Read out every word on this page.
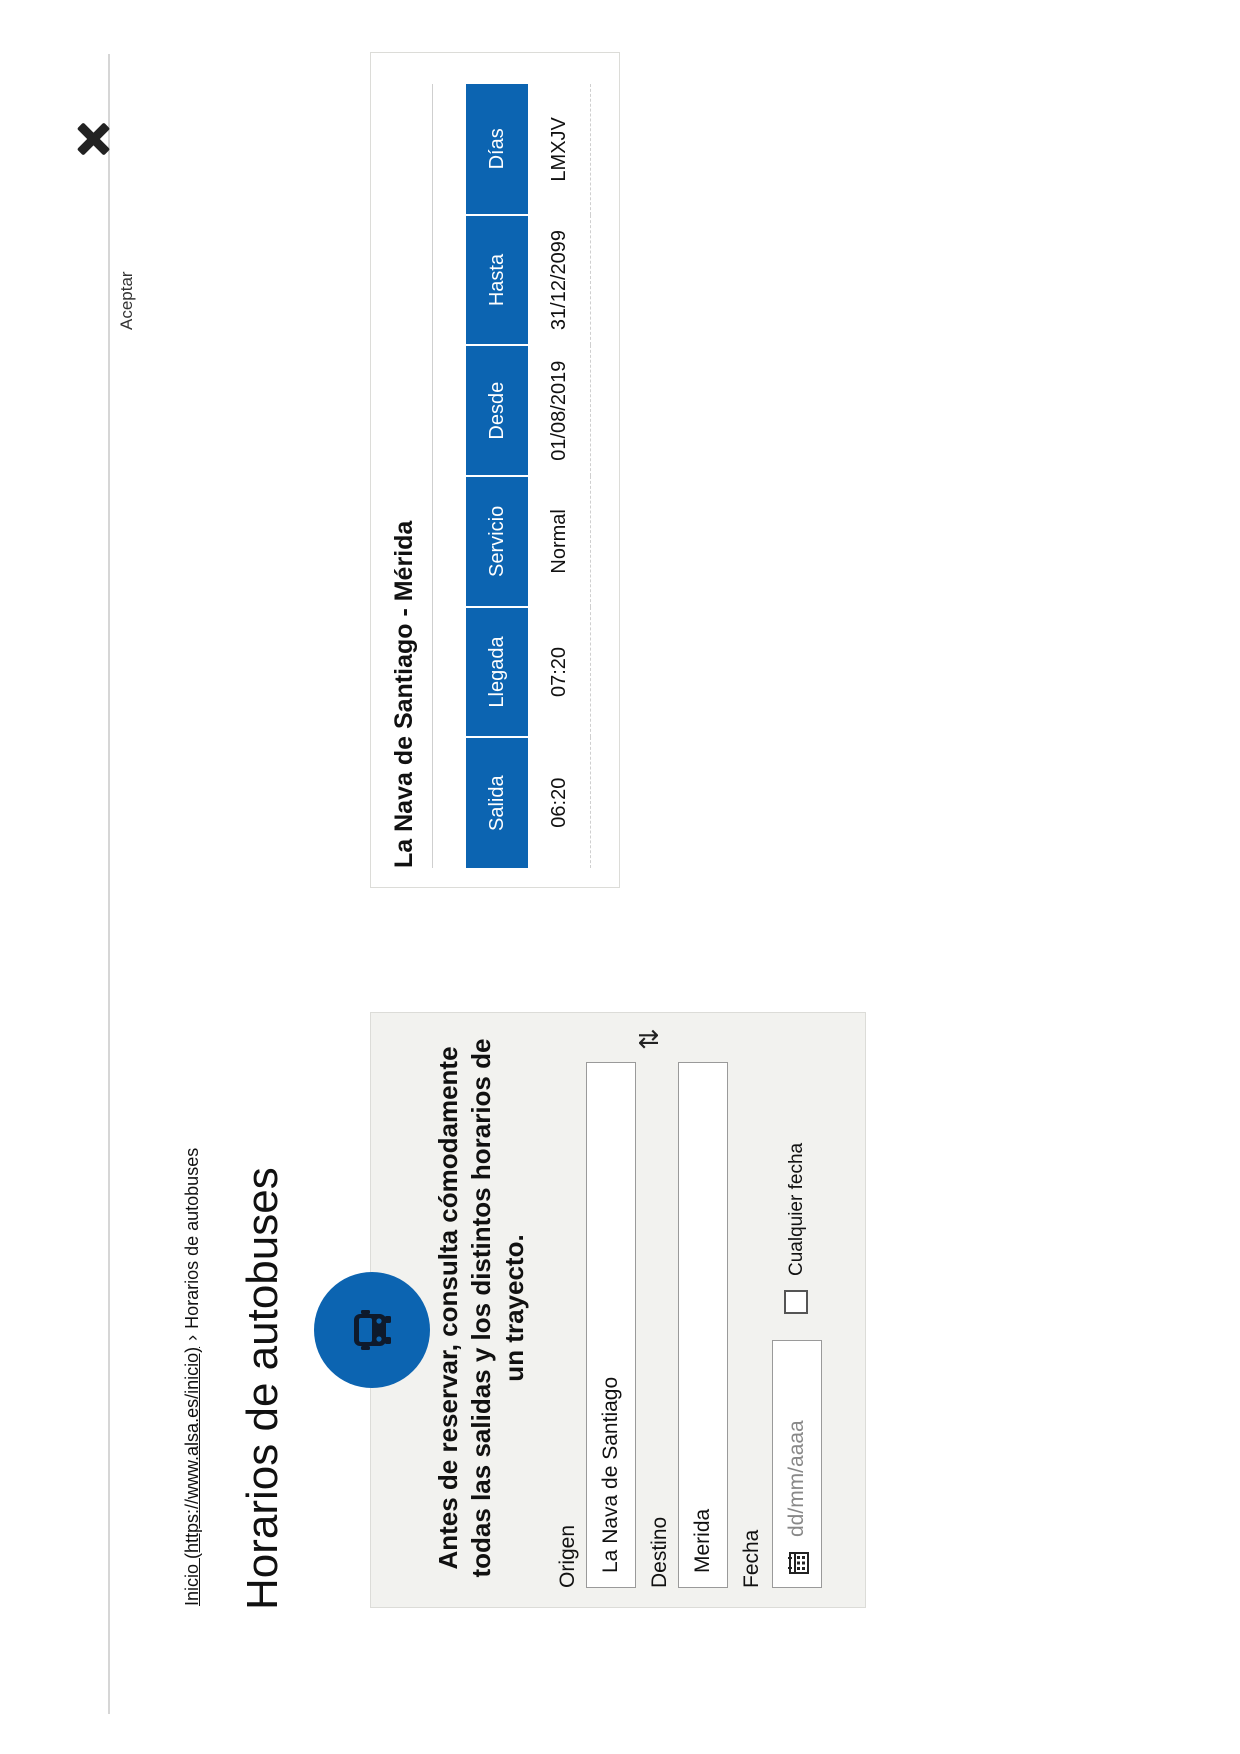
Aceptar
Inicio (https://www.alsa.es/inicio)›Horarios de autobuses Horarios de autobuses	Antes de reservar, consulta cómodamente todas las salidas y los distintos horarios de un trayecto.

Origen
La Nava de Santiago
⇅
Destino
Merida	Fecha
dd/mm/aaaa
Cualquier fecha
La Nava de Santiago - Mérida	Salida	Llegada	Servicio	Desde	Hasta	Días
06:20	07:20	Normal	01/08/2019	31/12/2099	LMXJV
